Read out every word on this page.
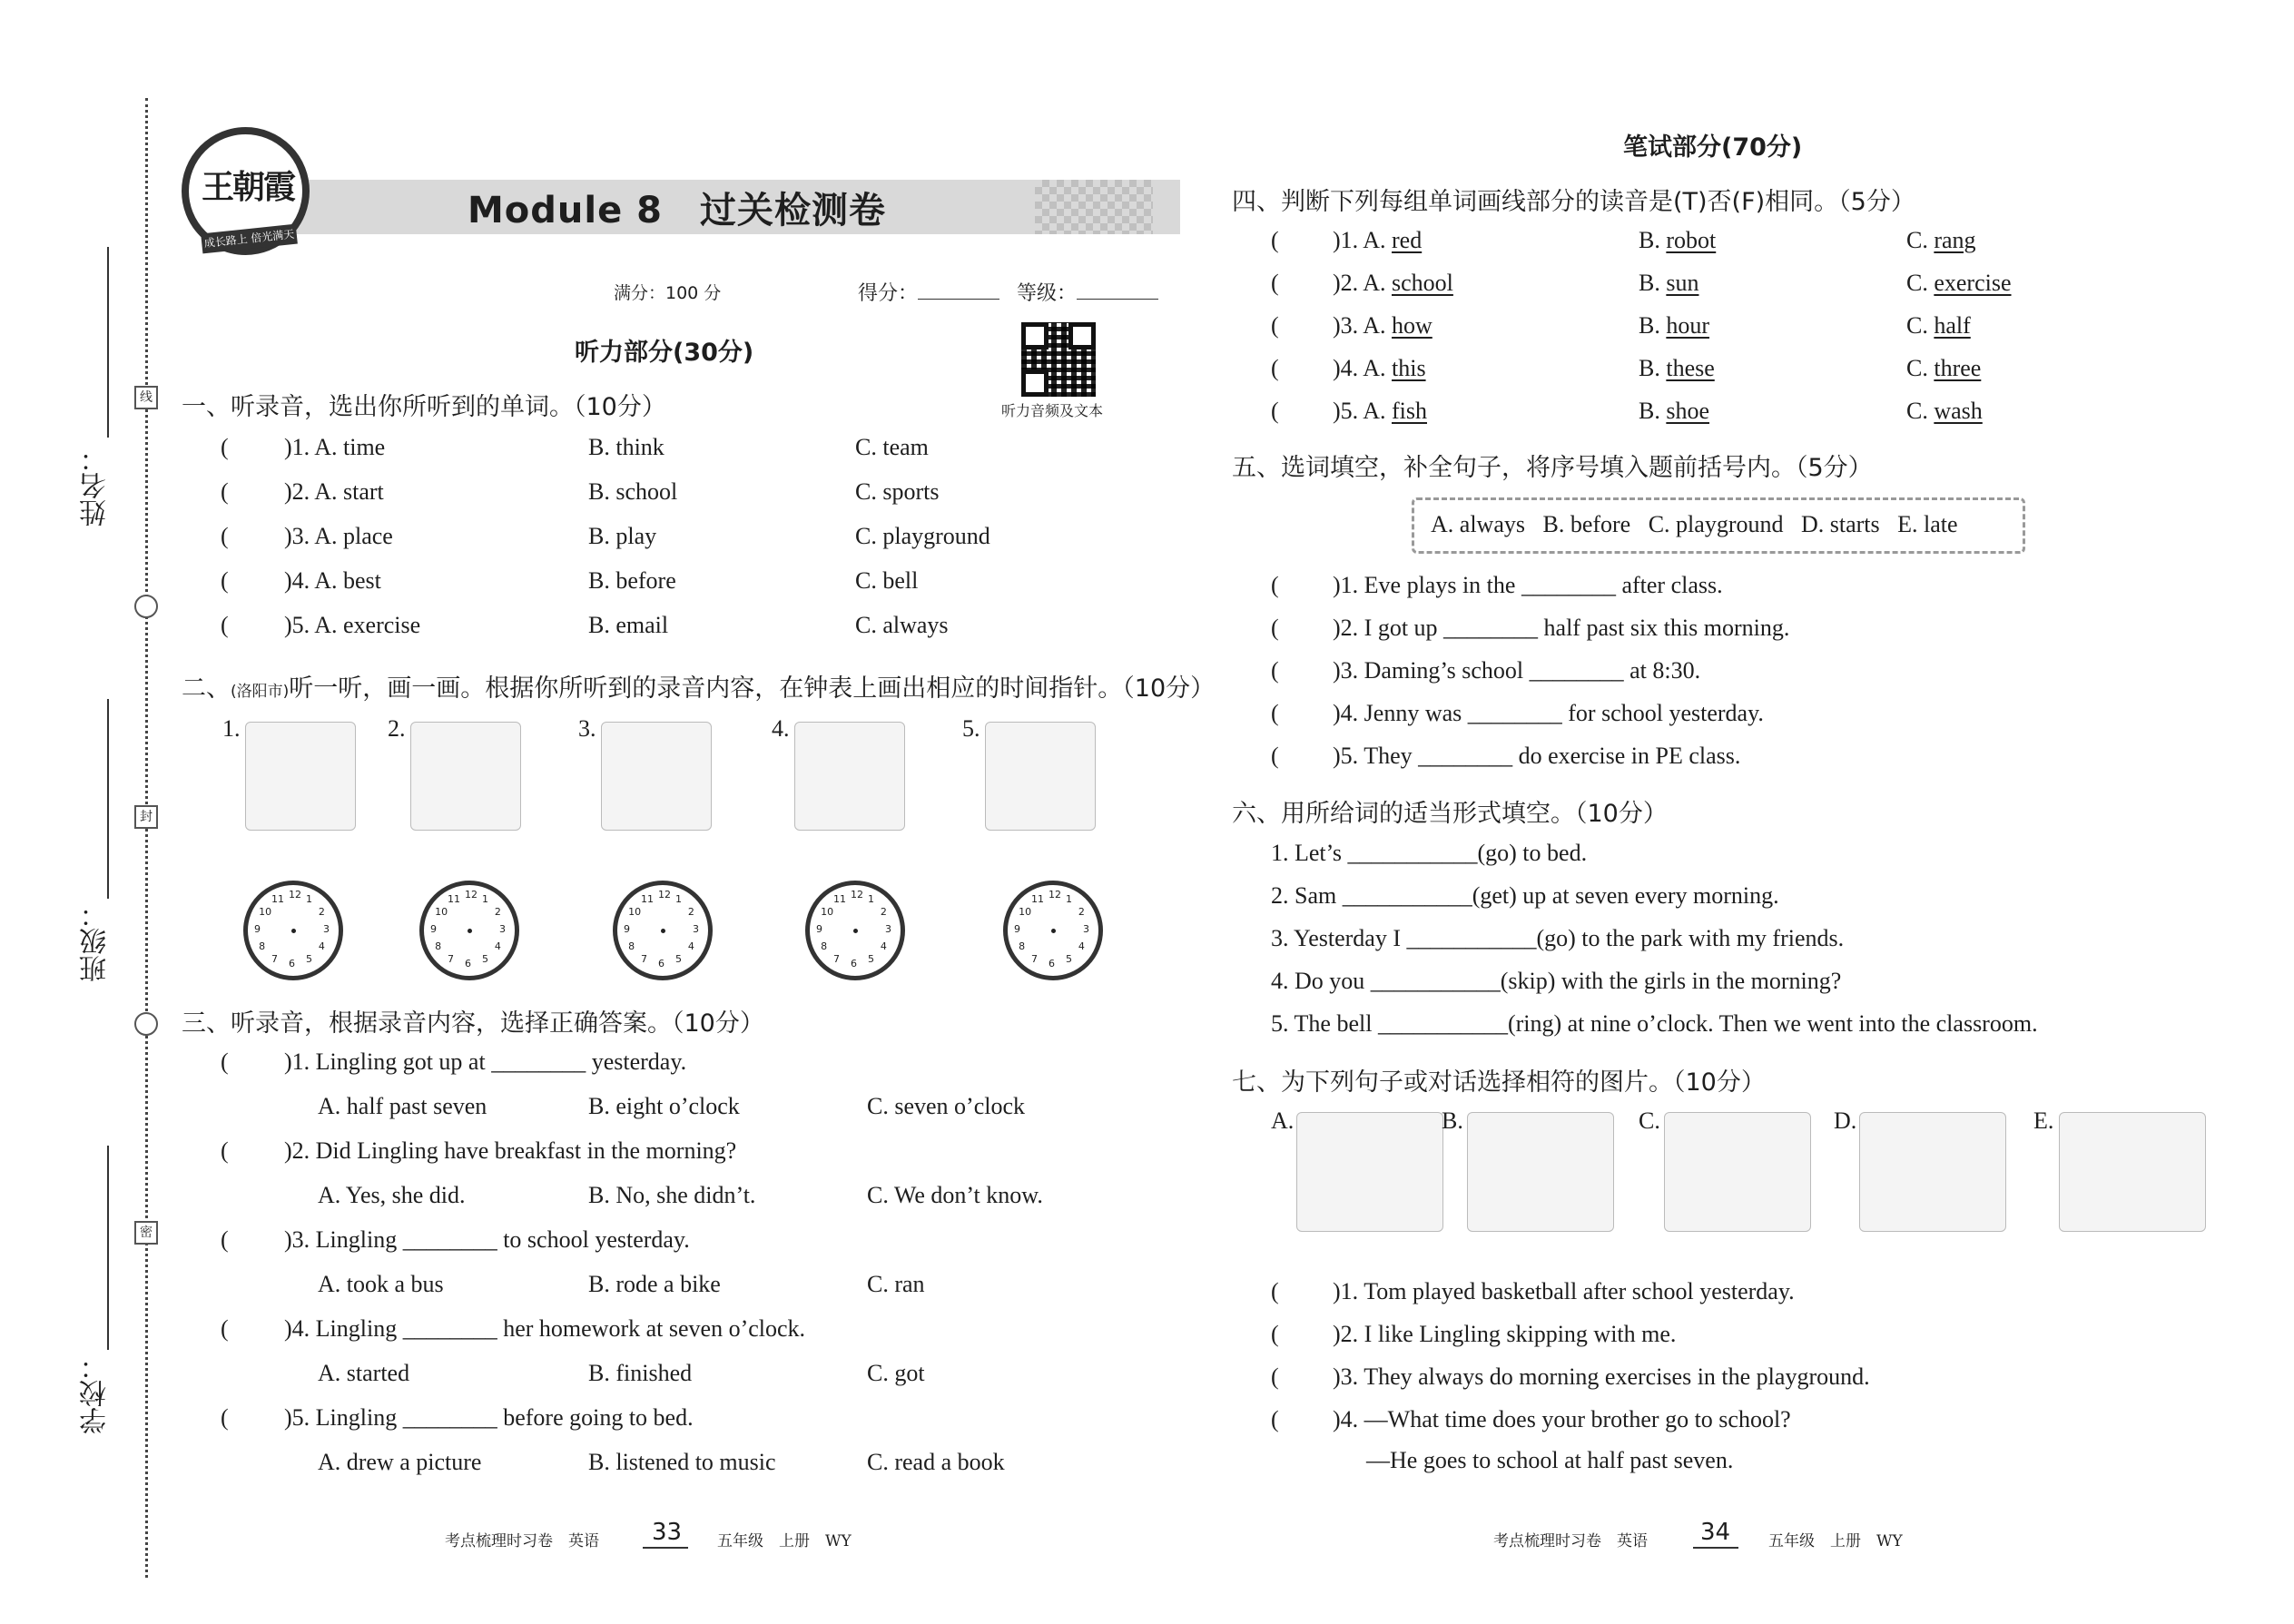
姓名：
班级：
学校：
线
封
密
王朝霞
成长路上 倍光满天
Module 8　过关检测卷
满分：100 分	得分：	等级：
听力音频及文本
听力部分(30分)
一、听录音，选出你所听到的单词。（10分）
( )1. A. time	B. think	C. team
( )2. A. start	B. school	C. sports
( )3. A. place	B. play	C. playground
( )4. A. best	B. before	C. bell
( )5. A. exercise	B. email	C. always
二、(洛阳市)听一听，画一画。根据你所听到的录音内容，在钟表上画出相应的时间指针。（10分）
1.
12 1
2
3
4
5
6
7
8
9
10
11
2.
12 1
2
3
4
5
6
7
8
9
10
11
3.
12 1
2
3
4
5
6
7
8
9
10
11
4.
12 1
2
3
4
5
6
7
8
9
10
11
5.
12 1
2
3
4
5
6
7
8
9
10
11
三、听录音，根据录音内容，选择正确答案。（10分）
( )1. Lingling got up at ________ yesterday.
A. half past seven	B. eight o’clock	C. seven o’clock
( )2. Did Lingling have breakfast in the morning?
A. Yes, she did.	B. No, she didn’t.	C. We don’t know.
( )3. Lingling ________ to school yesterday.
A. took a bus	B. rode a bike	C. ran
( )4. Lingling ________ her homework at seven o’clock.
A. started	B. finished	C. got
( )5. Lingling ________ before going to bed.
A. drew a picture	B. listened to music	C. read a book
考点梳理时习卷　英语 33 五年级　上册　WY
笔试部分(70分)
四、判断下列每组单词画线部分的读音是(T)否(F)相同。（5分）
( )1. A. red	B. robot	C. rang
( )2. A. school	B. sun	C. exercise
( )3. A. how	B. hour	C. half
( )4. A. this	B. these	C. three
( )5. A. fish	B. shoe	C. wash
五、选词填空，补全句子，将序号填入题前括号内。（5分）
A. always   B. before   C. playground   D. starts   E. late
( )1. Eve plays in the ________ after class.
( )2. I got up ________ half past six this morning.
( )3. Daming’s school ________ at 8:30.
( )4. Jenny was ________ for school yesterday.
( )5. They ________ do exercise in PE class.
六、用所给词的适当形式填空。（10分）
1. Let’s ___________(go) to bed.
2. Sam ___________(get) up at seven every morning.
3. Yesterday I ___________(go) to the park with my friends.
4. Do you ___________(skip) with the girls in the morning?
5. The bell ___________(ring) at nine o’clock. Then we went into the classroom.
七、为下列句子或对话选择相符的图片。（10分）
A.	B.	C.	D.	E.
( )1. Tom played basketball after school yesterday.
( )2. I like Lingling skipping with me.
( )3. They always do morning exercises in the playground.
( )4. —What time does your brother go to school?
—He goes to school at half past seven.
考点梳理时习卷　英语 34 五年级　上册　WY
